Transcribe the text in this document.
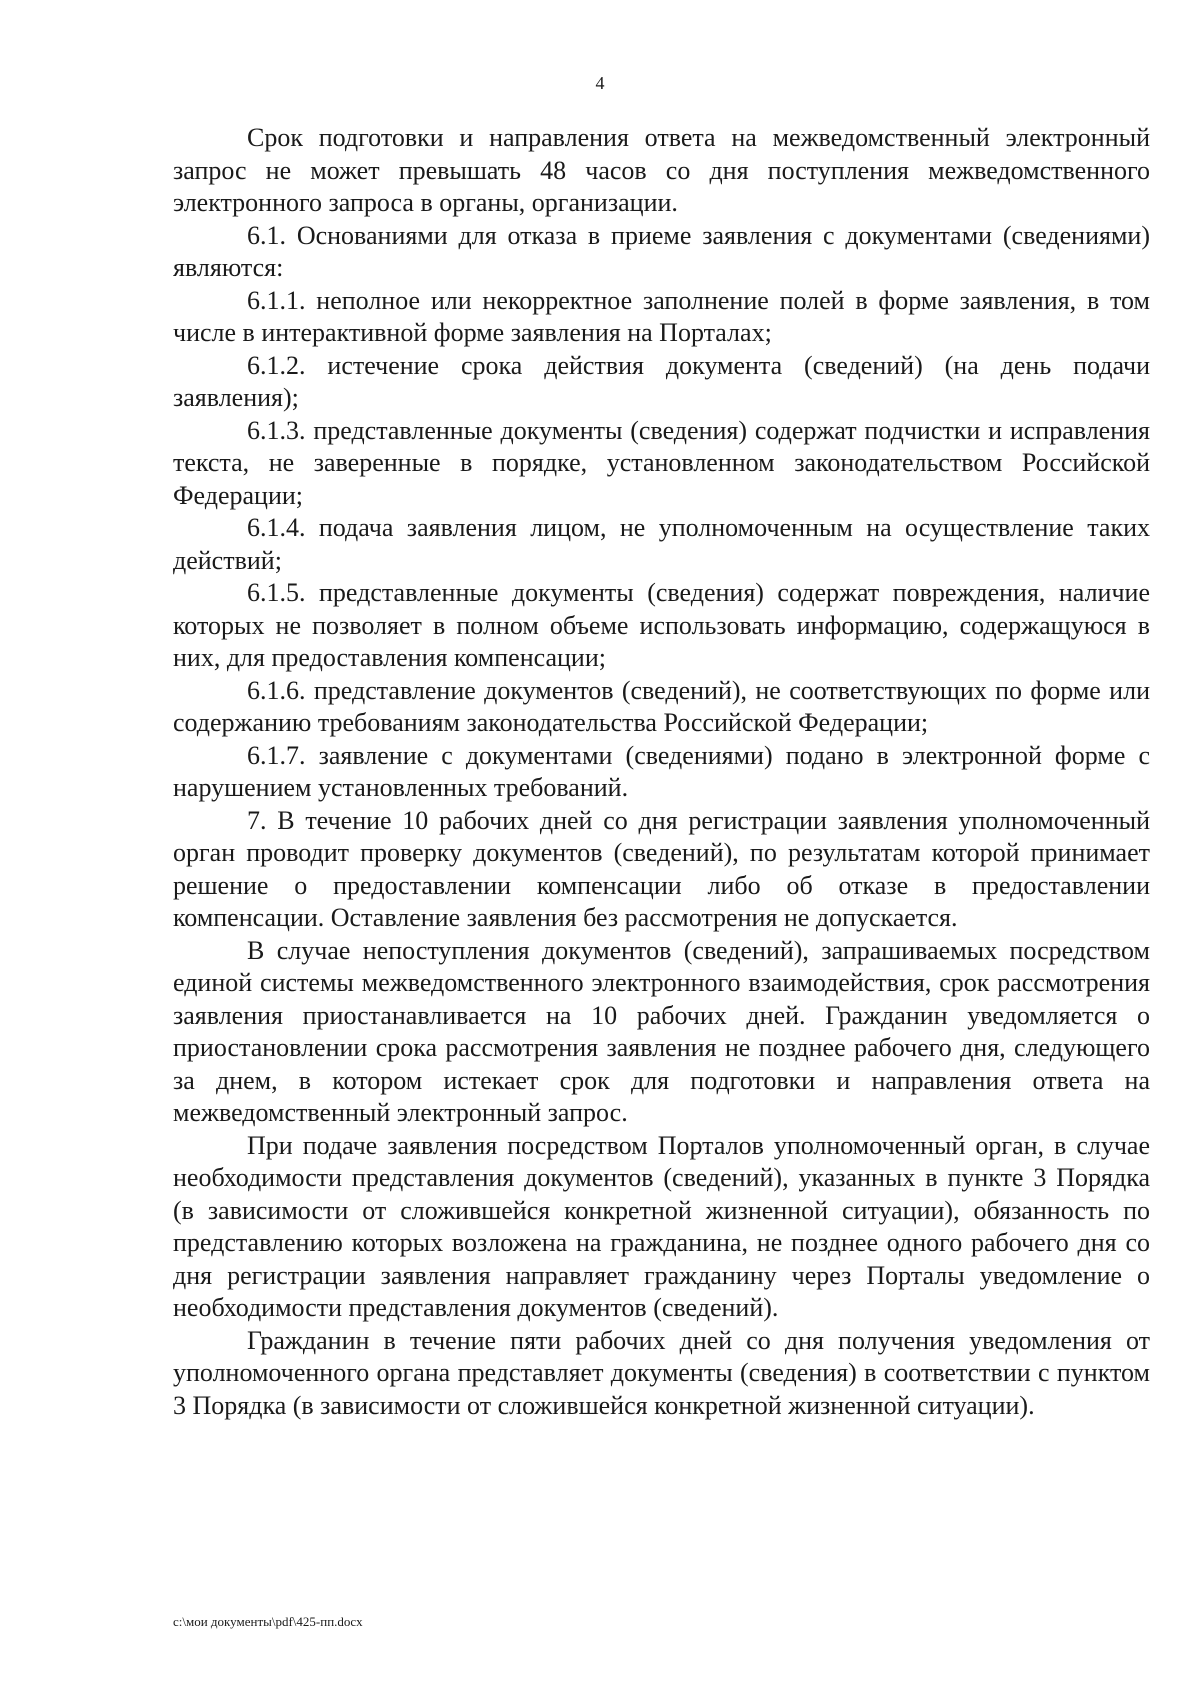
4

Срок подготовки и направления ответа на межведомственный электронный запрос не может превышать 48 часов со дня поступления межведомственного электронного запроса в органы, организации.

6.1. Основаниями для отказа в приеме заявления с документами (сведениями) являются:

6.1.1. неполное или некорректное заполнение полей в форме заявления, в том числе в интерактивной форме заявления на Порталах;

6.1.2. истечение срока действия документа (сведений) (на день подачи заявления);

6.1.3. представленные документы (сведения) содержат подчистки и исправления текста, не заверенные в порядке, установленном законодательством Российской Федерации;

6.1.4. подача заявления лицом, не уполномоченным на осуществление таких действий;

6.1.5. представленные документы (сведения) содержат повреждения, наличие которых не позволяет в полном объеме использовать информацию, содержащуюся в них, для предоставления компенсации;

6.1.6. представление документов (сведений), не соответствующих по форме или содержанию требованиям законодательства Российской Федерации;

6.1.7. заявление с документами (сведениями) подано в электронной форме с нарушением установленных требований.

7. В течение 10 рабочих дней со дня регистрации заявления уполномоченный орган проводит проверку документов (сведений), по результатам которой принимает решение о предоставлении компенсации либо об отказе в предоставлении компенсации. Оставление заявления без рассмотрения не допускается.

В случае непоступления документов (сведений), запрашиваемых посредством единой системы межведомственного электронного взаимодействия, срок рассмотрения заявления приостанавливается на 10 рабочих дней. Гражданин уведомляется о приостановлении срока рассмотрения заявления не позднее рабочего дня, следующего за днем, в котором истекает срок для подготовки и направления ответа на межведомственный электронный запрос.

При подаче заявления посредством Порталов уполномоченный орган, в случае необходимости представления документов (сведений), указанных в пункте 3 Порядка (в зависимости от сложившейся конкретной жизненной ситуации), обязанность по представлению которых возложена на гражданина, не позднее одного рабочего дня со дня регистрации заявления направляет гражданину через Порталы уведомление о необходимости представления документов (сведений).

Гражданин в течение пяти рабочих дней со дня получения уведомления от уполномоченного органа представляет документы (сведения) в соответствии с пунктом 3 Порядка (в зависимости от сложившейся конкретной жизненной ситуации).

c:\мои документы\pdf\425-пп.docx
